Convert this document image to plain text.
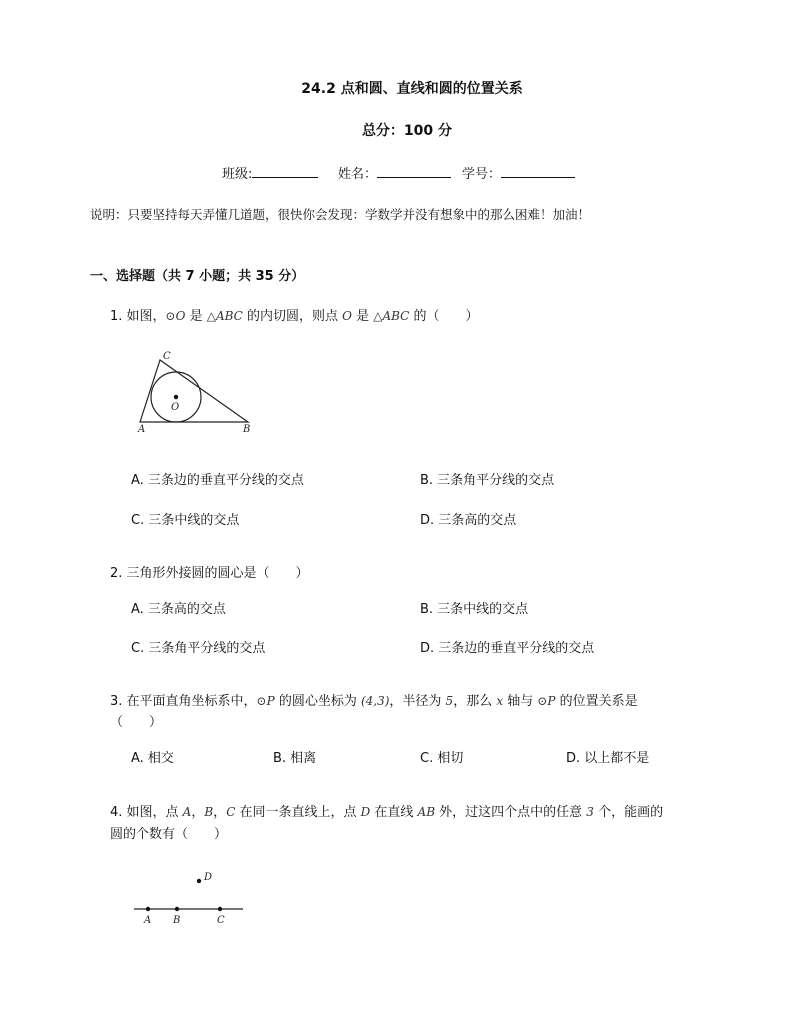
24.2 点和圆、直线和圆的位置关系
总分：100 分
班级:	姓名：	学号：
说明：只要坚持每天弄懂几道题，很快你会发现：学数学并没有想象中的那么困难！加油！
一、选择题（共 7 小题；共 35 分）
1. 如图，⊙O 是 △ABC 的内切圆，则点 O 是 △ABC 的（　　）
C
O
A	B
A. 三条边的垂直平分线的交点	B. 三条角平分线的交点
C. 三条中线的交点	D. 三条高的交点
2. 三角形外接圆的圆心是（　　）
A. 三条高的交点	B. 三条中线的交点
C. 三条角平分线的交点	D. 三条边的垂直平分线的交点
3. 在平面直角坐标系中，⊙P 的圆心坐标为 (4,3)，半径为 5，那么 x 轴与 ⊙P 的位置关系是
（　　）
A. 相交	B. 相离	C. 相切	D. 以上都不是
4. 如图，点 A，B，C 在同一条直线上，点 D 在直线 AB 外，过这四个点中的任意 3 个，能画的
圆的个数有（　　）
D
A B	C
